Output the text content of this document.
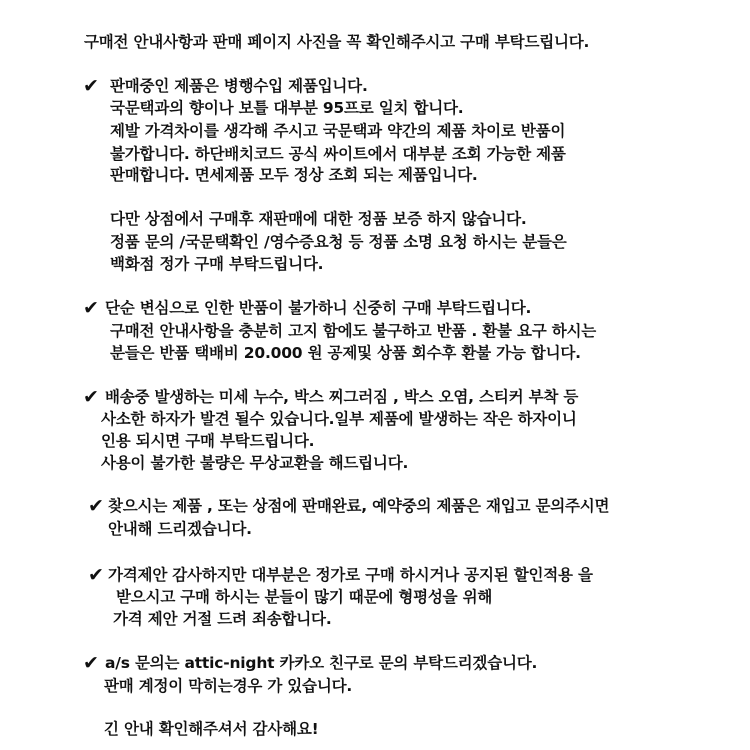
구매전 안내사항과 판매 페이지 사진을 꼭 확인해주시고 구매 부탁드립니다.
✔ 판매중인 제품은 병행수입 제품입니다.
국문택과의 향이나 보틀 대부분 95프로 일치 합니다.
제발 가격차이를 생각해 주시고 국문택과 약간의 제품 차이로 반품이
불가합니다. 하단배치코드 공식 싸이트에서 대부분 조회 가능한 제품
판매합니다. 면세제품 모두 정상 조회 되는 제품입니다.
다만 상점에서 구매후 재판매에 대한 정품 보증 하지 않습니다.
정품 문의 /국문택확인 /영수증요청 등 정품 소명 요청 하시는 분들은
백화점 정가 구매 부탁드립니다.
✔ 단순 변심으로 인한 반품이 불가하니 신중히 구매 부탁드립니다.
구매전 안내사항을 충분히 고지 함에도 불구하고 반품 . 환불 요구 하시는
분들은 반품 택배비 20.000 원 공제및 상품 회수후 환불 가능 합니다.
✔ 배송중 발생하는 미세 누수, 박스 찌그러짐 , 박스 오염, 스티커 부착 등
사소한 하자가 발견 될수 있습니다.일부 제품에 발생하는 작은 하자이니
인용 되시면 구매 부탁드립니다.
사용이 불가한 불량은 무상교환을 해드립니다.
✔ 찾으시는 제품 , 또는 상점에 판매완료, 예약중의 제품은 재입고 문의주시면
안내해 드리겠습니다.
✔ 가격제안 감사하지만 대부분은 정가로 구매 하시거나 공지된 할인적용 을
받으시고 구매 하시는 분들이 많기 때문에 형평성을 위해
가격 제안 거절 드려 죄송합니다.
✔ a/s 문의는 attic-night 카카오 친구로 문의 부탁드리겠습니다.
판매 계정이 막히는경우 가 있습니다.
긴 안내 확인해주셔서 감사해요!
